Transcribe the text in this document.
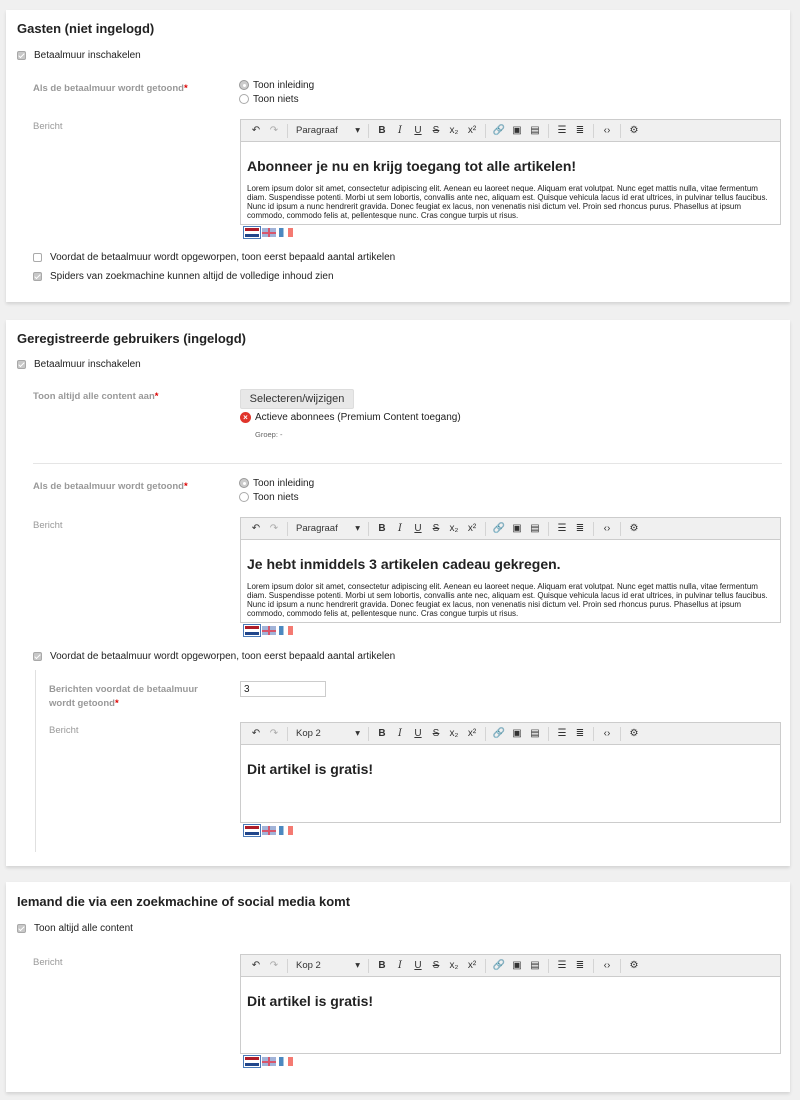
Gasten (niet ingelogd)
Betaalmuur inschakelen
Als de betaalmuur wordt getoond*	Toon inleiding
Toon niets
Bericht	↶ ↷	Paragraaf ▾	B	I	U	S	x₂ x²	🔗 ▣ ▤	☰ ≣	‹›	⚙
Abonneer je nu en krijg toegang tot alle artikelen!

Lorem ipsum dolor sit amet, consectetur adipiscing elit. Aenean eu laoreet neque. Aliquam erat volutpat. Nunc eget mattis nulla, vitae fermentum diam. Suspendisse potenti. Morbi ut sem lobortis, convallis ante nec, aliquam est. Quisque vehicula lacus id erat ultrices, in pulvinar tellus faucibus. Nunc id ipsum a nunc hendrerit gravida. Donec feugiat ex lacus, non venenatis nisi dictum vel. Proin sed rhoncus purus. Phasellus at ipsum commodo, commodo felis at, pellentesque nunc. Cras congue turpis ut risus.

Voordat de betaalmuur wordt opgeworpen, toon eerst bepaald aantal artikelen
Spiders van zoekmachine kunnen altijd de volledige inhoud zien
Geregistreerde gebruikers (ingelogd)
Betaalmuur inschakelen
Toon altijd alle content aan*	Selecteren/wijzigen
× Actieve abonnees (Premium Content toegang)
Groep: -
Als de betaalmuur wordt getoond*	Toon inleiding
Toon niets
Bericht	↶ ↷	Paragraaf ▾	B	I	U	S	x₂ x²	🔗 ▣ ▤	☰ ≣	‹›	⚙
Je hebt inmiddels 3 artikelen cadeau gekregen.

Lorem ipsum dolor sit amet, consectetur adipiscing elit. Aenean eu laoreet neque. Aliquam erat volutpat. Nunc eget mattis nulla, vitae fermentum diam. Suspendisse potenti. Morbi ut sem lobortis, convallis ante nec, aliquam est. Quisque vehicula lacus id erat ultrices, in pulvinar tellus faucibus. Nunc id ipsum a nunc hendrerit gravida. Donec feugiat ex lacus, non venenatis nisi dictum vel. Proin sed rhoncus purus. Phasellus at ipsum commodo, commodo felis at, pellentesque nunc. Cras congue turpis ut risus.

Voordat de betaalmuur wordt opgeworpen, toon eerst bepaald aantal artikelen
Berichten voordat de betaalmuur wordt getoond*
3
Bericht	↶ ↷	Kop 2	▾	B	I	U	S	x₂ x²	🔗 ▣ ▤	☰ ≣	‹›	⚙
Dit artikel is gratis!
Iemand die via een zoekmachine of social media komt
Toon altijd alle content
Bericht	↶ ↷	Kop 2	▾	B	I	U	S	x₂ x²	🔗 ▣ ▤	☰ ≣	‹›	⚙
Dit artikel is gratis!
